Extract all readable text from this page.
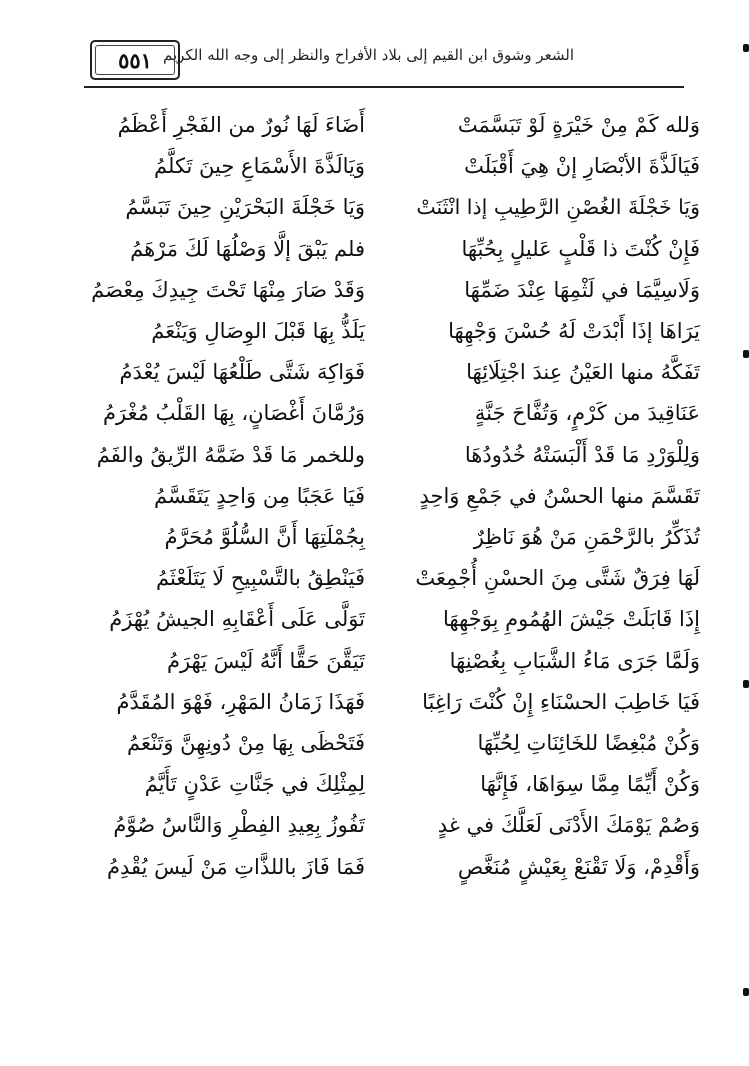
الشعر وشوق ابن القيم إلى بلاد الأفراح والنظر إلى وجه الله الكريم
٥٥١
وَلله كَمْ مِنْ خَيْرَةٍ لَوْ تَبَسَّمَتْ
أَضَاءَ لَهَا نُورٌ من الفَجْرِ أَعْظَمُ
فَيَالَذَّةَ الأبْصَارِ إنْ هِيَ أَقْبَلَتْ
وَيَالَذَّةَ الأَسْمَاعِ حِينَ تَكلَّمُ
وَيَا خَجْلَةَ الغُصْنِ الرَّطِيبِ إذا انْثَنَتْ
وَيَا خَجْلَةَ البَحْرَيْنِ حِينَ تَبَسَّمُ
فَإِنْ كُنْتَ ذا قَلْبٍ عَليلٍ بِحُبِّهَا
فلم يَبْقَ إلَّا وَصْلُهَا لَكَ مَرْهَمُ
وَلَاسِيَّمَا في لَثْمِهَا عِنْدَ ضَمِّهَا
وَقَدْ صَارَ مِنْهَا تَحْتَ جِيدِكَ مِعْصَمُ
يَرَاهَا إذَا أَبْدَتْ لَهُ حُسْنَ وَجْهِهَا
يَلَذُّ بِهَا قَبْلَ الوِصَالِ وَيَنْعَمُ
تَفَكَّهُ منها العَيْنُ عِندَ اجْتِلَائِهَا
فَوَاكِهَ شَتَّى طَلْعُهَا لَيْسَ يُعْدَمُ
عَنَاقِيدَ من كَرْمٍ، وَتُفَّاحَ جَنَّةٍ
وَرُمَّانَ أَغْصَانٍ، بِهَا القَلْبُ مُغْرَمُ
وَلِلْوَرْدِ مَا قَدْ أَلْبَسَتْهُ خُدُودُهَا
وللخمر مَا قَدْ ضَمَّهُ الرِّيقُ والفَمُ
تَقَسَّمَ منها الحسْنُ في جَمْعِ وَاحِدٍ
فَيَا عَجَبًا مِن وَاحِدٍ يَتَقَسَّمُ
تُذَكِّرُ بالرَّحْمَنِ مَنْ هُوَ نَاظِرٌ
بِجُمْلَتِهَا أَنَّ السُّلُوَّ مُحَرَّمُ
لَهَا فِرَقٌ شَتَّى مِنَ الحسْنِ أُجْمِعَتْ
فَيَنْطِقُ بالتَّسْبِيحِ لَا يَتَلَعْثَمُ
إِذَا قَابَلَتْ جَيْشَ الهُمُومِ بِوَجْهِهَا
تَوَلَّى عَلَى أَعْقَابِهِ الجيشُ يُهْزَمُ
وَلَمَّا جَرَى مَاءُ الشَّبَابِ بِغُصْنِهَا
تَيَقَّنَ حَقًّا أَنَّهُ لَيْسَ يَهْرَمُ
فَيَا خَاطِبَ الحسْنَاءِ إِنْ كُنْتَ رَاغِبًا
فَهَذَا زَمَانُ المَهْرِ، فَهْوَ المُقَدَّمُ
وَكُنْ مُبْغِضًا للخَائِنَاتِ لِحُبِّهَا
فَتَحْظَى بِهَا مِنْ دُونِهِنَّ وَتَنْعَمُ
وَكُنْ أَيِّمًا مِمَّا سِوَاهَا، فَإِنَّهَا
لِمِثْلِكَ في جَنَّاتِ عَدْنٍ تَأَيَّمُ
وَصُمْ يَوْمَكَ الأَدْنَى لَعَلَّكَ في غدٍ
تَفُوزُ بِعِيدِ الفِطْرِ وَالنَّاسُ صُوَّمُ
وَأَقْدِمْ، وَلَا تَقْنَعْ بِعَيْشٍ مُنَغَّصٍ
فَمَا فَازَ باللذَّاتِ مَنْ لَيسَ يُقْدِمُ
